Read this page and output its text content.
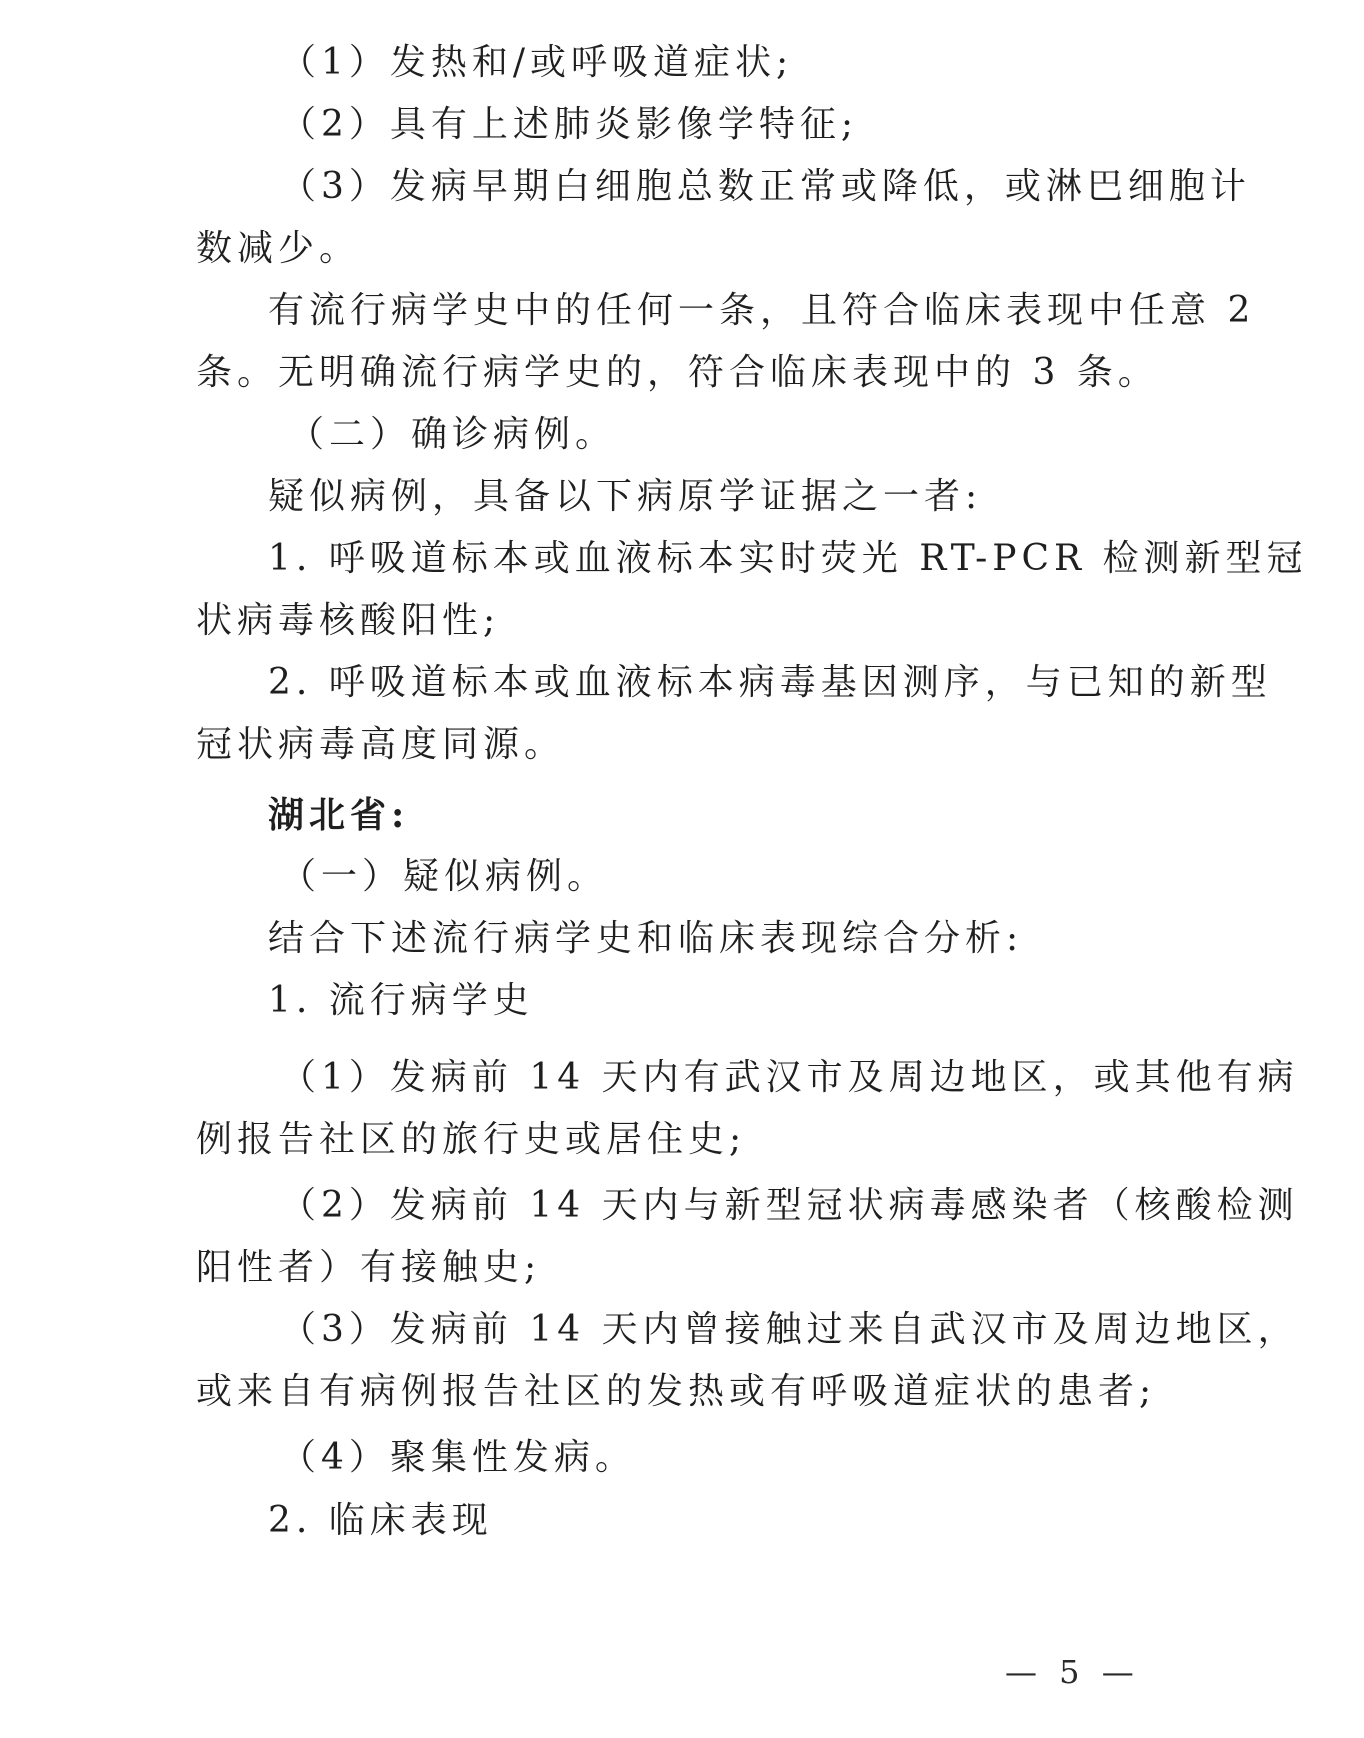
（1）发热和/或呼吸道症状;

（2）具有上述肺炎影像学特征;

（3）发病早期白细胞总数正常或降低，或淋巴细胞计

数减少。

有流行病学史中的任何一条，且符合临床表现中任意 2

条。无明确流行病学史的，符合临床表现中的 3 条。

（二）确诊病例。

疑似病例，具备以下病原学证据之一者:

1. 呼吸道标本或血液标本实时荧光 RT-PCR 检测新型冠

状病毒核酸阳性;

2. 呼吸道标本或血液标本病毒基因测序，与已知的新型

冠状病毒高度同源。

湖北省:

（一）疑似病例。

结合下述流行病学史和临床表现综合分析:

1. 流行病学史

（1）发病前 14 天内有武汉市及周边地区，或其他有病

例报告社区的旅行史或居住史;

（2）发病前 14 天内与新型冠状病毒感染者（核酸检测

阳性者）有接触史;

（3）发病前 14 天内曾接触过来自武汉市及周边地区，

或来自有病例报告社区的发热或有呼吸道症状的患者;

（4）聚集性发病。

2. 临床表现

— 5 —
